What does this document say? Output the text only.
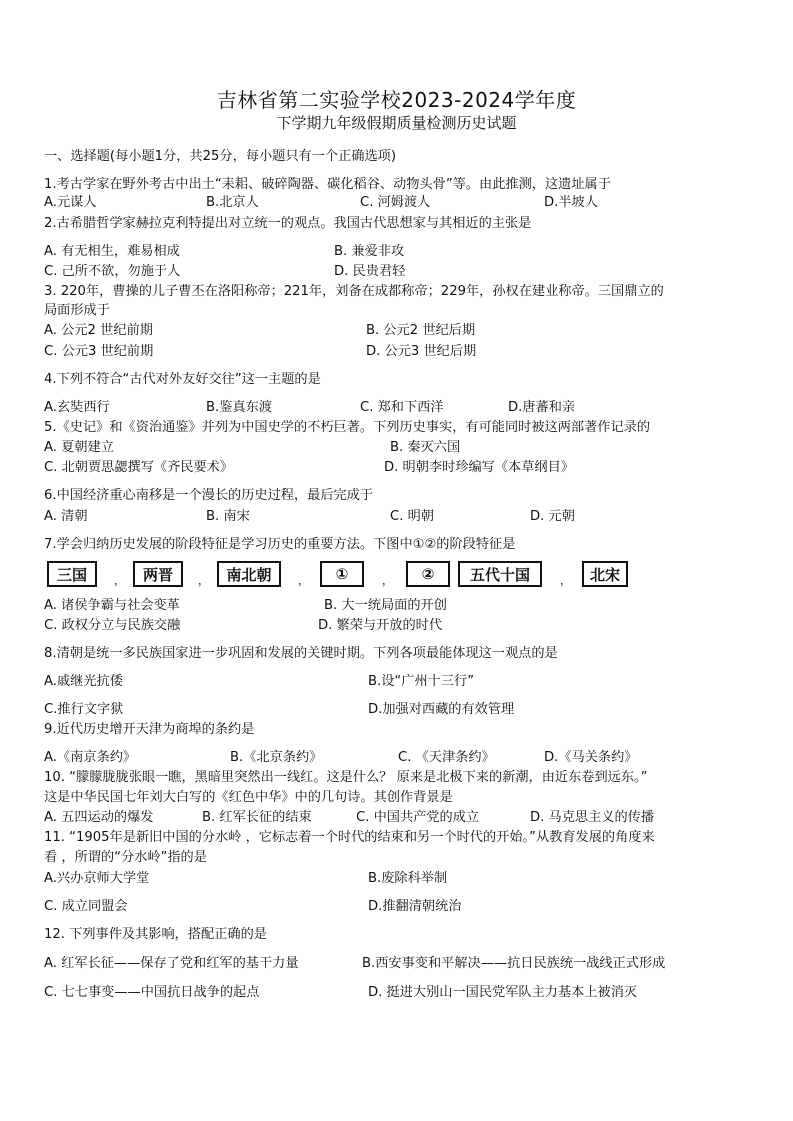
吉林省第二实验学校2023-2024学年度
下学期九年级假期质量检测历史试题
一、选择题(每小题1分，共25分，每小题只有一个正确选项)
1.考古学家在野外考古中出土“耒耜、破碎陶器、碳化稻谷、动物头骨”等。由此推测，这遗址属于
A.元谋人	B.北京人	C. 河姆渡人	D.半坡人
2.古希腊哲学家赫拉克利特提出对立统一的观点。我国古代思想家与其相近的主张是
A. 有无相生，难易相成	B. 兼爱非攻
C. 己所不欲，勿施于人	D. 民贵君轻
3. 220年，曹操的儿子曹丕在洛阳称帝；221年，刘备在成都称帝；229年，孙权在建业称帝。三国鼎立的
局面形成于
A. 公元2 世纪前期	B. 公元2 世纪后期
C. 公元3 世纪前期	D. 公元3 世纪后期
4.下列不符合“古代对外友好交往”这一主题的是
A.玄奘西行	B.鉴真东渡	C. 郑和下西洋	D.唐蕃和亲
5.《史记》和《资治通鉴》并列为中国史学的不朽巨著。下列历史事实，有可能同时被这两部著作记录的
A. 夏朝建立	B. 秦灭六国
C. 北朝贾思勰撰写《齐民要术》	D. 明朝李时珍编写《本草纲目》
6.中国经济重心南移是一个漫长的历史过程，最后完成于
A. 清朝	B. 南宋	C. 明朝	D. 元朝
7.学会归纳历史发展的阶段特征是学习历史的重要方法。下图中①②的阶段特征是
三国	，	两晋	，	南北朝	，	①	，	②	五代十国	，	北宋
A. 诸侯争霸与社会变革	B. 大一统局面的开创
C. 政权分立与民族交融	D. 繁荣与开放的时代
8.清朝是统一多民族国家进一步巩固和发展的关键时期。下列各项最能体现这一观点的是
A.戚继光抗倭	B.设“广州十三行”
C.推行文字狱	D.加强对西藏的有效管理
9.近代历史增开天津为商埠的条约是
A.《南京条约》	B.《北京条约》	C. 《天津条约》	D.《马关条约》
10. “朦朦胧胧张眼一瞧，黑暗里突然出一线红。这是什么？ 原来是北极下来的新潮，由近东卷到远东。”
这是中华民国七年刘大白写的《红色中华》中的几句诗。其创作背景是
A. 五四运动的爆发	B. 红军长征的结束	C. 中国共产党的成立	D. 马克思主义的传播
11. “1905年是新旧中国的分水岭 ，它标志着一个时代的结束和另一个时代的开始。”从教育发展的角度来
看 ，所谓的“分水岭”指的是
A.兴办京师大学堂	B.废除科举制
C. 成立同盟会	D.推翻清朝统治
12. 下列事件及其影响，搭配正确的是
A. 红军长征——保存了党和红军的基干力量	B.西安事变和平解决——抗日民族统一战线正式形成
C. 七七事变——中国抗日战争的起点	D. 挺进大别山一国民党军队主力基本上被消灭
